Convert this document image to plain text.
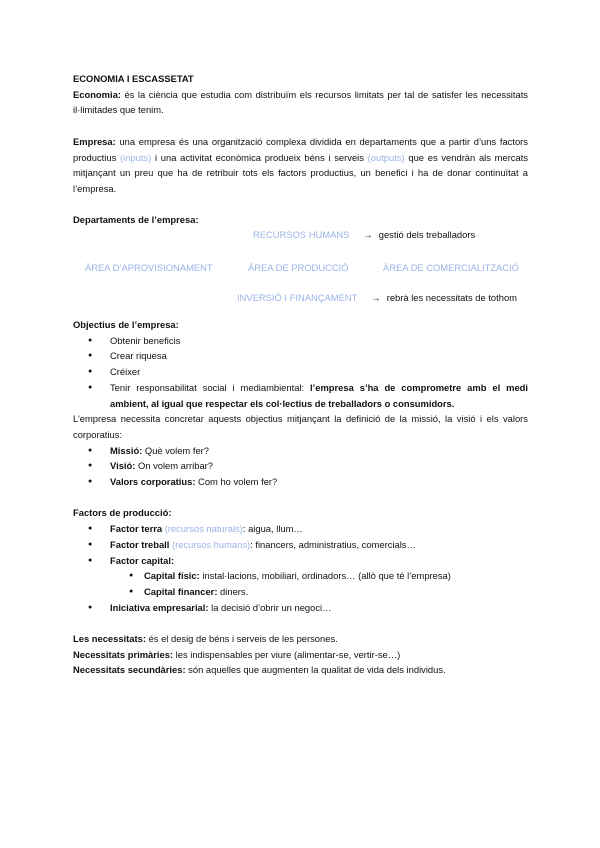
ECONOMIA I ESCASSETAT

Economia: és la ciència que estudia com distribuïm els recursos limitats per tal de satisfer les necessitats il·limitades que tenim.

Empresa: una empresa és una organització complexa dividida en departaments que a partir d’uns factors productius (inputs) i una activitat econòmica produeix béns i serveis (outputs) que es vendràn als mercats mitjançant un preu que ha de retribuir tots els factors productius, un benefici i ha de donar continuïtat a l’empresa.

Departaments de l’empresa:

RECURSOS HUMANS → gestió dels treballadors
ÀREA D’APROVISIONAMENT	ÀREA DE PRODUCCIÓ	ÀREA DE COMERCIALITZACIÓ
INVERSIÓ I FINANÇAMENT → rebrà les necessitats de tothom

Objectius de l’empresa:

● Obtenir beneficis
● Crear riquesa
● Créixer
● Tenir responsabilitat social i mediambiental: l’empresa s’ha de comprometre amb el medi ambient, al igual que respectar els col·lectius de treballadors o consumidors.

L’empresa necessita concretar aquests objectius mitjançant la definició de la missió, la visió i els valors corporatius:

● Missió: Què volem fer?
● Visió: On volem arribar?
● Valors corporatius: Com ho volem fer?

Factors de producció:

● Factor terra (recursos naturals): aigua, llum…
● Factor treball (recursos humans): financers, administratius, comercials…
● Factor capital:
● Capital físic: instal·lacions, mobiliari, ordinadors… (allò que té l’empresa)
● Capital financer: diners.
● Iniciativa empresarial: la decisió d’obrir un negoci…

Les necessitats: és el desig de béns i serveis de les persones.

Necessitats primàries: les indispensables per viure (alimentar-se, vertir-se…)

Necessitats secundàries: són aquelles que augmenten la qualitat de vida dels individus.
